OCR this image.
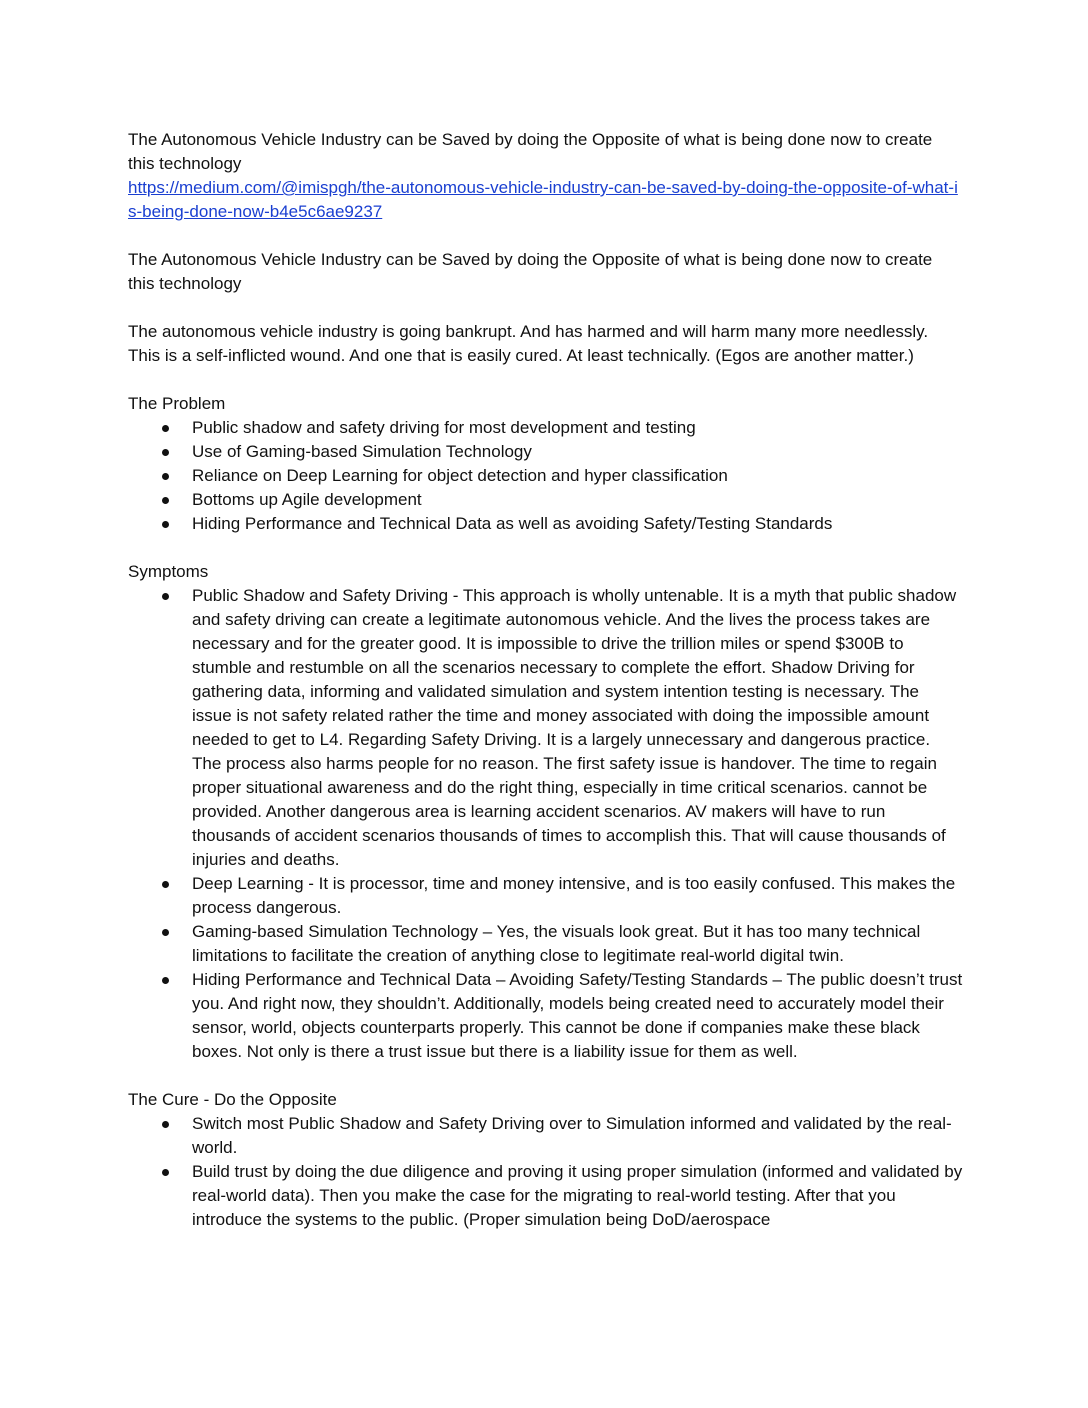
The Autonomous Vehicle Industry can be Saved by doing the Opposite of what is being done now to create this technology

https://medium.com/@imispgh/the-autonomous-vehicle-industry-can-be-saved-by-doing-the-opposite-of-what-is-being-done-now-b4e5c6ae9237

The Autonomous Vehicle Industry can be Saved by doing the Opposite of what is being done now to create this technology

The autonomous vehicle industry is going bankrupt. And has harmed and will harm many more needlessly. This is a self-inflicted wound. And one that is easily cured. At least technically. (Egos are another matter.)

The Problem

Public shadow and safety driving for most development and testing
Use of Gaming-based Simulation Technology
Reliance on Deep Learning for object detection and hyper classification
Bottoms up Agile development
Hiding Performance and Technical Data as well as avoiding Safety/Testing Standards

Symptoms

Public Shadow and Safety Driving - This approach is wholly untenable. It is a myth that public shadow and safety driving can create a legitimate autonomous vehicle. And the lives the process takes are necessary and for the greater good. It is impossible to drive the trillion miles or spend $300B to stumble and restumble on all the scenarios necessary to complete the effort. Shadow Driving for gathering data, informing and validated simulation and system intention testing is necessary. The issue is not safety related rather the time and money associated with doing the impossible amount needed to get to L4. Regarding Safety Driving. It is a largely unnecessary and dangerous practice. The process also harms people for no reason. The first safety issue is handover. The time to regain proper situational awareness and do the right thing, especially in time critical scenarios. cannot be provided. Another dangerous area is learning accident scenarios. AV makers will have to run thousands of accident scenarios thousands of times to accomplish this. That will cause thousands of injuries and deaths.
Deep Learning - It is processor, time and money intensive, and is too easily confused. This makes the process dangerous.
Gaming-based Simulation Technology – Yes, the visuals look great. But it has too many technical limitations to facilitate the creation of anything close to legitimate real-world digital twin.
Hiding Performance and Technical Data – Avoiding Safety/Testing Standards – The public doesn’t trust you. And right now, they shouldn’t. Additionally, models being created need to accurately model their sensor, world, objects counterparts properly. This cannot be done if companies make these black boxes. Not only is there a trust issue but there is a liability issue for them as well.

The Cure - Do the Opposite

Switch most Public Shadow and Safety Driving over to Simulation informed and validated by the real-world.
Build trust by doing the due diligence and proving it using proper simulation (informed and validated by real-world data). Then you make the case for the migrating to real-world testing. After that you introduce the systems to the public. (Proper simulation being DoD/aerospace
